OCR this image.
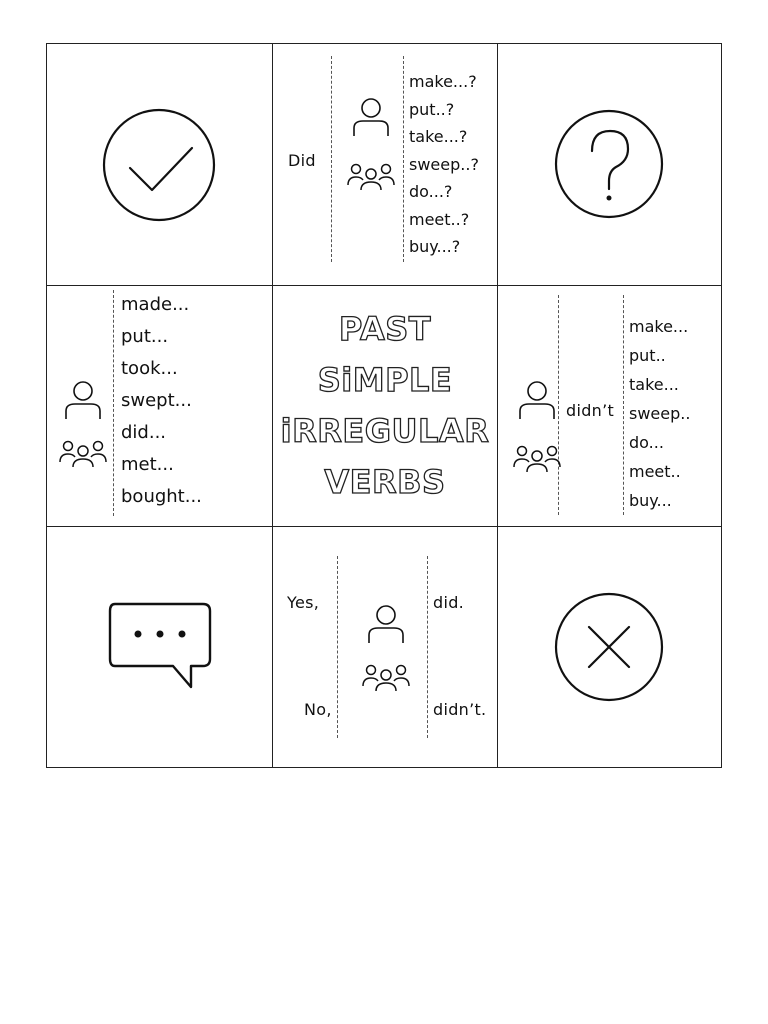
Did
make...?
put..?
take...?
sweep..?
do...?
meet..?
buy...?
made...
put...
took...
swept...
did...
met...
bought...
PAST
SiMPLE
iRREGULAR
VERBS
didn’t
make...
put..
take...
sweep..
do...
meet..
buy...
Yes,
No,
did.
didn’t.
